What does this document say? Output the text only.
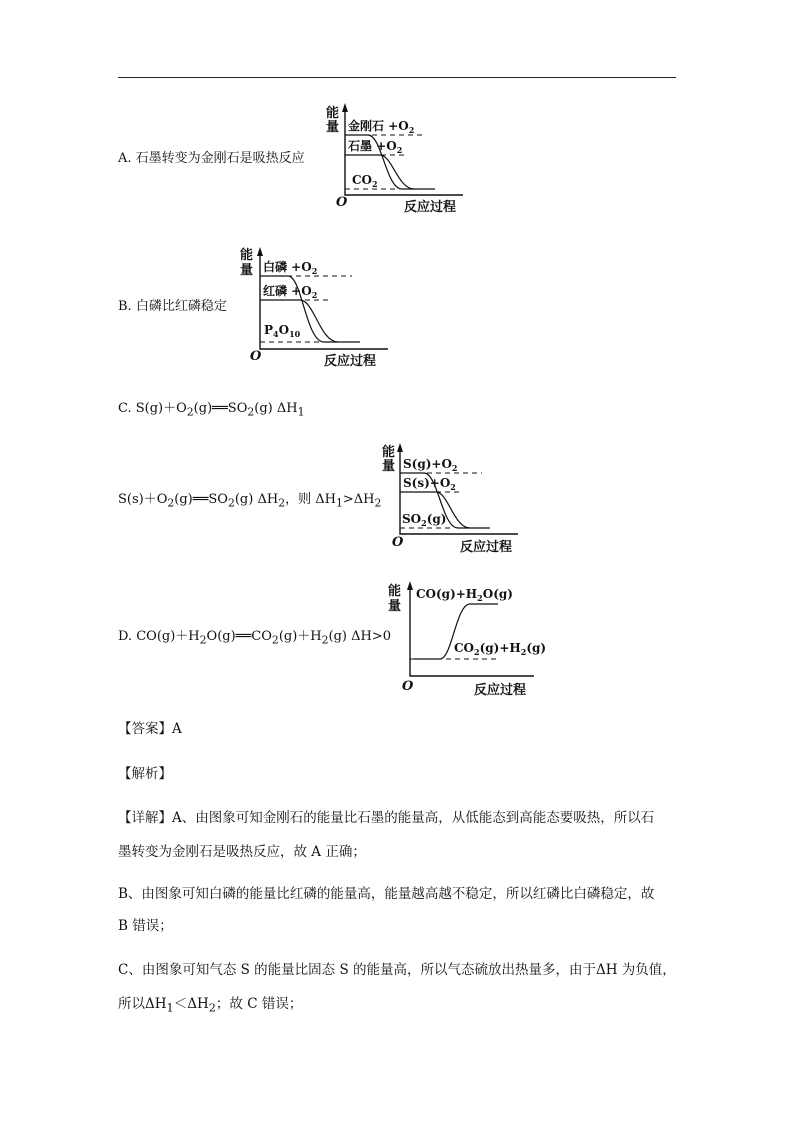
A. 石墨转变为金刚石是吸热反应
能
量 金刚石 $+O_2$
石墨 $+O_2$
$CO_2$
O	反应过程
B. 白磷比红磷稳定
能
量 白磷 $+O_2$
红磷 $+O_2$
$P_4O_{10}$
O	反应过程
C. $S(g)+O_2(g)══SO_2(g)$ $\Delta H_1$
$S(s)+O_2(g)══SO_2(g)$ $\Delta H_2$，则 $\Delta H_1>\Delta H_2$
能
量 $S(g)+O_2$
$S(s)+O_2$
$SO_2(g)$
O	反应过程
D. $CO(g)+H_2O(g)══CO_2(g)+H_2(g)$ ΔH>0
能
量
$CO(g)+H_2O(g)$
$CO_2(g)+H_2(g)$
O	反应过程
【答案】A
【解析】
【详解】A、由图象可知金刚石的能量比石墨的能量高，从低能态到高能态要吸热，所以石
墨转变为金刚石是吸热反应，故 A 正确；
B、由图象可知白磷的能量比红磷的能量高，能量越高越不稳定，所以红磷比白磷稳定，故
B 错误；
C、由图象可知气态 S 的能量比固态 S 的能量高，所以气态硫放出热量多，由于ΔH 为负值，
所以$\Delta H_1<\Delta H_2$；故 C 错误；
